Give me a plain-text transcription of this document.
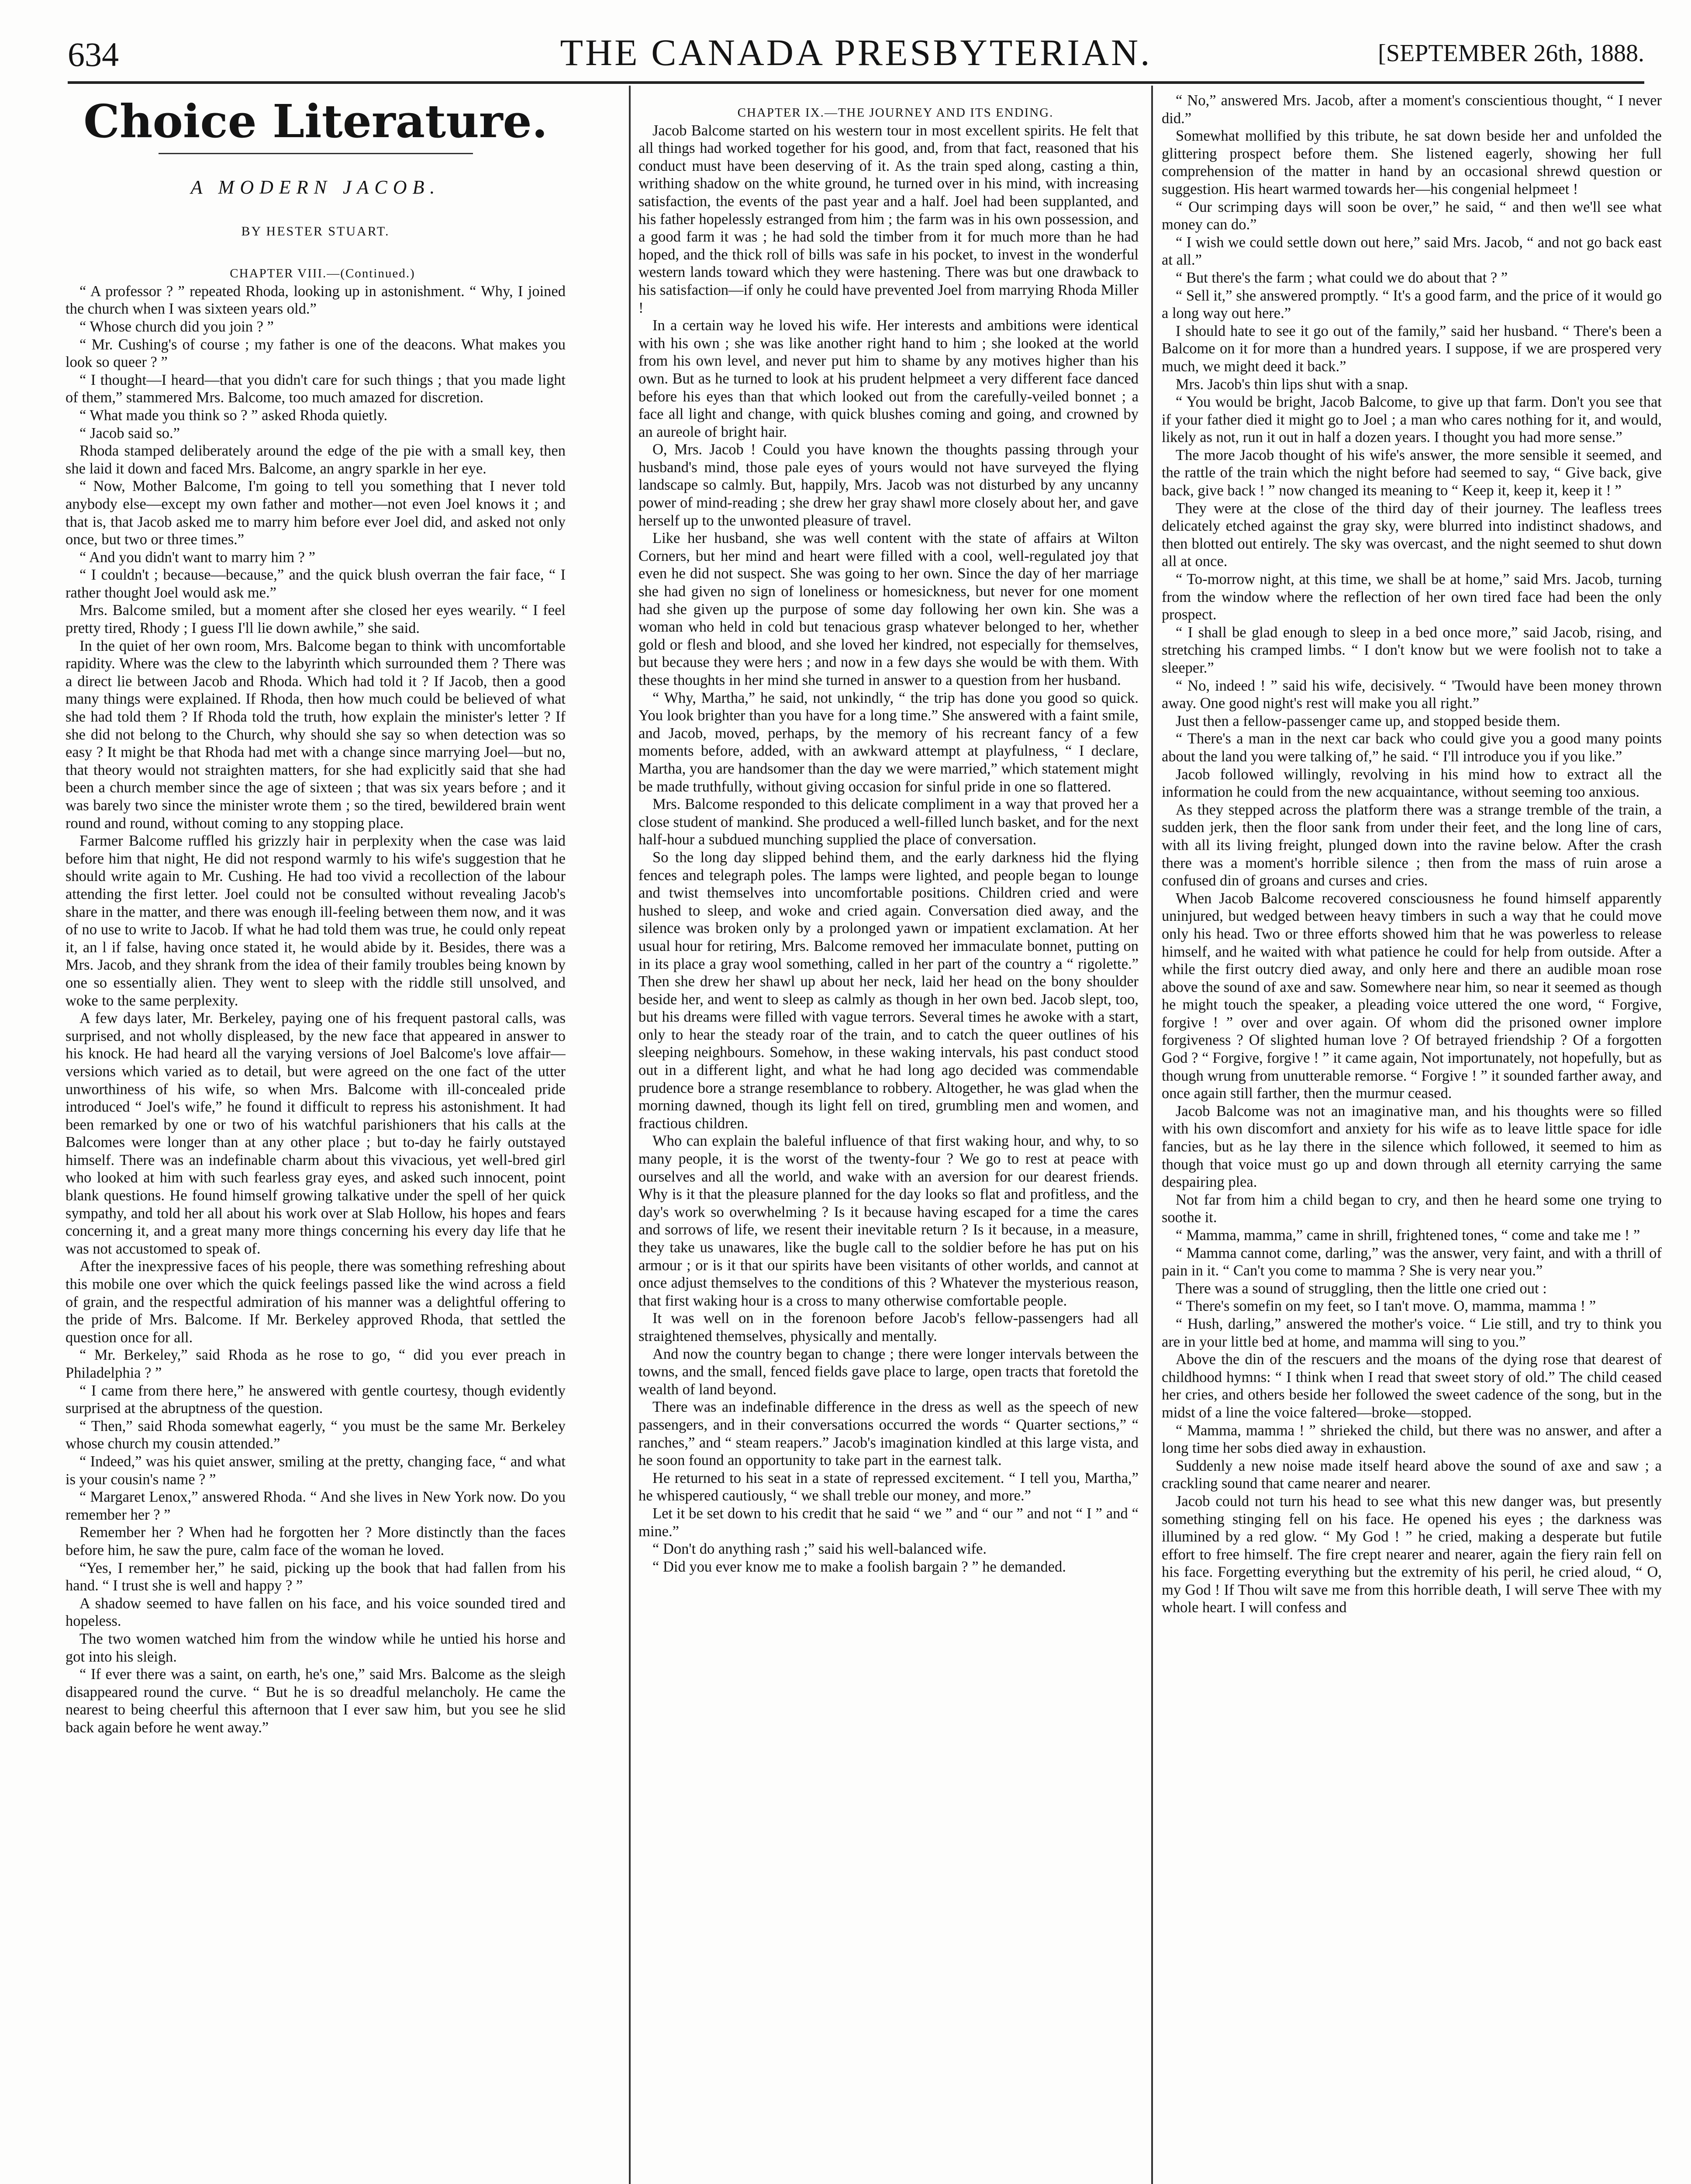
634	THE CANADA PRESBYTERIAN.	[SEPTEMBER 26th, 1888.

Choice Literature.

A MODERN JACOB.

BY HESTER STUART.

CHAPTER VIII.—(Continued.)

“ A professor ? ” repeated Rhoda, looking up in astonishment. “ Why, I joined the church when I was sixteen years old.”

“ Whose church did you join ? ”

“ Mr. Cushing's of course ; my father is one of the deacons. What makes you look so queer ? ”

“ I thought—I heard—that you didn't care for such things ; that you made light of them,” stammered Mrs. Balcome, too much amazed for discretion.

“ What made you think so ? ” asked Rhoda quietly.

“ Jacob said so.”

Rhoda stamped deliberately around the edge of the pie with a small key, then she laid it down and faced Mrs. Balcome, an angry sparkle in her eye.

“ Now, Mother Balcome, I'm going to tell you something that I never told anybody else—except my own father and mother—not even Joel knows it ; and that is, that Jacob asked me to marry him before ever Joel did, and asked not only once, but two or three times.”

“ And you didn't want to marry him ? ”

“ I couldn't ; because—because,” and the quick blush overran the fair face, “ I rather thought Joel would ask me.”

Mrs. Balcome smiled, but a moment after she closed her eyes wearily. “ I feel pretty tired, Rhody ; I guess I'll lie down awhile,” she said.

In the quiet of her own room, Mrs. Balcome began to think with uncomfortable rapidity. Where was the clew to the labyrinth which surrounded them ? There was a direct lie between Jacob and Rhoda. Which had told it ? If Jacob, then a good many things were explained. If Rhoda, then how much could be believed of what she had told them ? If Rhoda told the truth, how explain the minister's letter ? If she did not belong to the Church, why should she say so when detection was so easy ? It might be that Rhoda had met with a change since marrying Joel—but no, that theory would not straighten matters, for she had explicitly said that she had been a church member since the age of sixteen ; that was six years before ; and it was barely two since the minister wrote them ; so the tired, bewildered brain went round and round, without coming to any stopping place.

Farmer Balcome ruffled his grizzly hair in perplexity when the case was laid before him that night, He did not respond warmly to his wife's suggestion that he should write again to Mr. Cushing. He had too vivid a recollection of the labour attending the first letter. Joel could not be consulted without revealing Jacob's share in the matter, and there was enough ill-feeling between them now, and it was of no use to write to Jacob. If what he had told them was true, he could only repeat it, an l if false, having once stated it, he would abide by it. Besides, there was a Mrs. Jacob, and they shrank from the idea of their family troubles being known by one so essentially alien. They went to sleep with the riddle still unsolved, and woke to the same perplexity.

A few days later, Mr. Berkeley, paying one of his frequent pastoral calls, was surprised, and not wholly displeased, by the new face that appeared in answer to his knock. He had heard all the varying versions of Joel Balcome's love affair—versions which varied as to detail, but were agreed on the one fact of the utter unworthiness of his wife, so when Mrs. Balcome with ill-concealed pride introduced “ Joel's wife,” he found it difficult to repress his astonishment. It had been remarked by one or two of his watchful parishioners that his calls at the Balcomes were longer than at any other place ; but to-day he fairly outstayed himself. There was an indefinable charm about this vivacious, yet well-bred girl who looked at him with such fearless gray eyes, and asked such innocent, point blank questions. He found himself growing talkative under the spell of her quick sympathy, and told her all about his work over at Slab Hollow, his hopes and fears concerning it, and a great many more things concerning his every day life that he was not accustomed to speak of.

After the inexpressive faces of his people, there was something refreshing about this mobile one over which the quick feelings passed like the wind across a field of grain, and the respectful admiration of his manner was a delightful offering to the pride of Mrs. Balcome. If Mr. Berkeley approved Rhoda, that settled the question once for all.

“ Mr. Berkeley,” said Rhoda as he rose to go, “ did you ever preach in Philadelphia ? ”

“ I came from there here,” he answered with gentle courtesy, though evidently surprised at the abruptness of the question.

“ Then,” said Rhoda somewhat eagerly, “ you must be the same Mr. Berkeley whose church my cousin attended.”

“ Indeed,” was his quiet answer, smiling at the pretty, changing face, “ and what is your cousin's name ? ”

“ Margaret Lenox,” answered Rhoda. “ And she lives in New York now. Do you remember her ? ”

Remember her ? When had he forgotten her ? More distinctly than the faces before him, he saw the pure, calm face of the woman he loved.

“Yes, I remember her,” he said, picking up the book that had fallen from his hand. “ I trust she is well and happy ? ”

A shadow seemed to have fallen on his face, and his voice sounded tired and hopeless.

The two women watched him from the window while he untied his horse and got into his sleigh.

“ If ever there was a saint, on earth, he's one,” said Mrs. Balcome as the sleigh disappeared round the curve. “ But he is so dreadful melancholy. He came the nearest to being cheerful this afternoon that I ever saw him, but you see he slid back again before he went away.”

CHAPTER IX.—THE JOURNEY AND ITS ENDING.

Jacob Balcome started on his western tour in most excellent spirits. He felt that all things had worked together for his good, and, from that fact, reasoned that his conduct must have been deserving of it. As the train sped along, casting a thin, writhing shadow on the white ground, he turned over in his mind, with increasing satisfaction, the events of the past year and a half. Joel had been supplanted, and his father hopelessly estranged from him ; the farm was in his own possession, and a good farm it was ; he had sold the timber from it for much more than he had hoped, and the thick roll of bills was safe in his pocket, to invest in the wonderful western lands toward which they were hastening. There was but one drawback to his satisfaction—if only he could have prevented Joel from marrying Rhoda Miller !

In a certain way he loved his wife. Her interests and ambitions were identical with his own ; she was like another right hand to him ; she looked at the world from his own level, and never put him to shame by any motives higher than his own. But as he turned to look at his prudent helpmeet a very different face danced before his eyes than that which looked out from the carefully-veiled bonnet ; a face all light and change, with quick blushes coming and going, and crowned by an aureole of bright hair.

O, Mrs. Jacob ! Could you have known the thoughts passing through your husband's mind, those pale eyes of yours would not have surveyed the flying landscape so calmly. But, happily, Mrs. Jacob was not disturbed by any uncanny power of mind-reading ; she drew her gray shawl more closely about her, and gave herself up to the unwonted pleasure of travel.

Like her husband, she was well content with the state of affairs at Wilton Corners, but her mind and heart were filled with a cool, well-regulated joy that even he did not suspect. She was going to her own. Since the day of her marriage she had given no sign of loneliness or homesickness, but never for one moment had she given up the purpose of some day following her own kin. She was a woman who held in cold but tenacious grasp whatever belonged to her, whether gold or flesh and blood, and she loved her kindred, not especially for themselves, but because they were hers ; and now in a few days she would be with them. With these thoughts in her mind she turned in answer to a question from her husband.

“ Why, Martha,” he said, not unkindly, “ the trip has done you good so quick. You look brighter than you have for a long time.” She answered with a faint smile, and Jacob, moved, perhaps, by the memory of his recreant fancy of a few moments before, added, with an awkward attempt at playfulness, “ I declare, Martha, you are handsomer than the day we were married,” which statement might be made truthfully, without giving occasion for sinful pride in one so flattered.

Mrs. Balcome responded to this delicate compliment in a way that proved her a close student of mankind. She produced a well-filled lunch basket, and for the next half-hour a subdued munching supplied the place of conversation.

So the long day slipped behind them, and the early darkness hid the flying fences and telegraph poles. The lamps were lighted, and people began to lounge and twist themselves into uncomfortable positions. Children cried and were hushed to sleep, and woke and cried again. Conversation died away, and the silence was broken only by a prolonged yawn or impatient exclamation. At her usual hour for retiring, Mrs. Balcome removed her immaculate bonnet, putting on in its place a gray wool something, called in her part of the country a “ rigolette.” Then she drew her shawl up about her neck, laid her head on the bony shoulder beside her, and went to sleep as calmly as though in her own bed. Jacob slept, too, but his dreams were filled with vague terrors. Several times he awoke with a start, only to hear the steady roar of the train, and to catch the queer outlines of his sleeping neighbours. Somehow, in these waking intervals, his past conduct stood out in a different light, and what he had long ago decided was commendable prudence bore a strange resemblance to robbery. Altogether, he was glad when the morning dawned, though its light fell on tired, grumbling men and women, and fractious children.

Who can explain the baleful influence of that first waking hour, and why, to so many people, it is the worst of the twenty-four ? We go to rest at peace with ourselves and all the world, and wake with an aversion for our dearest friends. Why is it that the pleasure planned for the day looks so flat and profitless, and the day's work so overwhelming ? Is it because having escaped for a time the cares and sorrows of life, we resent their inevitable return ? Is it because, in a measure, they take us unawares, like the bugle call to the soldier before he has put on his armour ; or is it that our spirits have been visitants of other worlds, and cannot at once adjust themselves to the conditions of this ? Whatever the mysterious reason, that first waking hour is a cross to many otherwise comfortable people.

It was well on in the forenoon before Jacob's fellow-passengers had all straightened themselves, physically and mentally.

And now the country began to change ; there were longer intervals between the towns, and the small, fenced fields gave place to large, open tracts that foretold the wealth of land beyond.

There was an indefinable difference in the dress as well as the speech of new passengers, and in their conversations occurred the words “ Quarter sections,” “ ranches,” and “ steam reapers.” Jacob's imagination kindled at this large vista, and he soon found an opportunity to take part in the earnest talk.

He returned to his seat in a state of repressed excitement. “ I tell you, Martha,” he whispered cautiously, “ we shall treble our money, and more.”

Let it be set down to his credit that he said “ we ” and “ our ” and not “ I ” and “ mine.”

“ Don't do anything rash ;” said his well-balanced wife.

“ Did you ever know me to make a foolish bargain ? ” he demanded.

“ No,” answered Mrs. Jacob, after a moment's conscientious thought, “ I never did.”

Somewhat mollified by this tribute, he sat down beside her and unfolded the glittering prospect before them. She listened eagerly, showing her full comprehension of the matter in hand by an occasional shrewd question or suggestion. His heart warmed towards her—his congenial helpmeet !

“ Our scrimping days will soon be over,” he said, “ and then we'll see what money can do.”

“ I wish we could settle down out here,” said Mrs. Jacob, “ and not go back east at all.”

“ But there's the farm ; what could we do about that ? ”

“ Sell it,” she answered promptly. “ It's a good farm, and the price of it would go a long way out here.”

I should hate to see it go out of the family,” said her husband. “ There's been a Balcome on it for more than a hundred years. I suppose, if we are prospered very much, we might deed it back.”

Mrs. Jacob's thin lips shut with a snap.

“ You would be bright, Jacob Balcome, to give up that farm. Don't you see that if your father died it might go to Joel ; a man who cares nothing for it, and would, likely as not, run it out in half a dozen years. I thought you had more sense.”

The more Jacob thought of his wife's answer, the more sensible it seemed, and the rattle of the train which the night before had seemed to say, “ Give back, give back, give back ! ” now changed its meaning to “ Keep it, keep it, keep it ! ”

They were at the close of the third day of their journey. The leafless trees delicately etched against the gray sky, were blurred into indistinct shadows, and then blotted out entirely. The sky was overcast, and the night seemed to shut down all at once.

“ To-morrow night, at this time, we shall be at home,” said Mrs. Jacob, turning from the window where the reflection of her own tired face had been the only prospect.

“ I shall be glad enough to sleep in a bed once more,” said Jacob, rising, and stretching his cramped limbs. “ I don't know but we were foolish not to take a sleeper.”

“ No, indeed ! ” said his wife, decisively. “ 'Twould have been money thrown away. One good night's rest will make you all right.”

Just then a fellow-passenger came up, and stopped beside them.

“ There's a man in the next car back who could give you a good many points about the land you were talking of,” he said. “ I'll introduce you if you like.”

Jacob followed willingly, revolving in his mind how to extract all the information he could from the new acquaintance, without seeming too anxious.

As they stepped across the platform there was a strange tremble of the train, a sudden jerk, then the floor sank from under their feet, and the long line of cars, with all its living freight, plunged down into the ravine below. After the crash there was a moment's horrible silence ; then from the mass of ruin arose a confused din of groans and curses and cries.

When Jacob Balcome recovered consciousness he found himself apparently uninjured, but wedged between heavy timbers in such a way that he could move only his head. Two or three efforts showed him that he was powerless to release himself, and he waited with what patience he could for help from outside. After a while the first outcry died away, and only here and there an audible moan rose above the sound of axe and saw. Somewhere near him, so near it seemed as though he might touch the speaker, a pleading voice uttered the one word, “ Forgive, forgive ! ” over and over again. Of whom did the prisoned owner implore forgiveness ? Of slighted human love ? Of betrayed friendship ? Of a forgotten God ? “ Forgive, forgive ! ” it came again, Not importunately, not hopefully, but as though wrung from unutterable remorse. “ Forgive ! ” it sounded farther away, and once again still farther, then the murmur ceased.

Jacob Balcome was not an imaginative man, and his thoughts were so filled with his own discomfort and anxiety for his wife as to leave little space for idle fancies, but as he lay there in the silence which followed, it seemed to him as though that voice must go up and down through all eternity carrying the same despairing plea.

Not far from him a child began to cry, and then he heard some one trying to soothe it.

“ Mamma, mamma,” came in shrill, frightened tones, “ come and take me ! ”

“ Mamma cannot come, darling,” was the answer, very faint, and with a thrill of pain in it. “ Can't you come to mamma ? She is very near you.”

There was a sound of struggling, then the little one cried out :

“ There's somefin on my feet, so I tan't move. O, mamma, mamma ! ”

“ Hush, darling,” answered the mother's voice. “ Lie still, and try to think you are in your little bed at home, and mamma will sing to you.”

Above the din of the rescuers and the moans of the dying rose that dearest of childhood hymns: “ I think when I read that sweet story of old.” The child ceased her cries, and others beside her followed the sweet cadence of the song, but in the midst of a line the voice faltered—broke—stopped.

“ Mamma, mamma ! ” shrieked the child, but there was no answer, and after a long time her sobs died away in exhaustion.

Suddenly a new noise made itself heard above the sound of axe and saw ; a crackling sound that came nearer and nearer.

Jacob could not turn his head to see what this new danger was, but presently something stinging fell on his face. He opened his eyes ; the darkness was illumined by a red glow. “ My God ! ” he cried, making a desperate but futile effort to free himself. The fire crept nearer and nearer, again the fiery rain fell on his face. Forgetting everything but the extremity of his peril, he cried aloud, “ O, my God ! If Thou wilt save me from this horrible death, I will serve Thee with my whole heart. I will confess and
